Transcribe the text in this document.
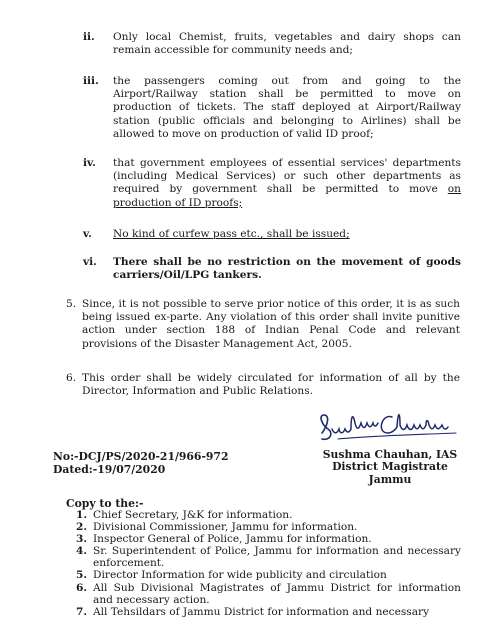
ii. Only local Chemist, fruits, vegetables and dairy shops can remain accessible for community needs and;
iii. the passengers coming out from and going to the Airport/Railway station shall be permitted to move on production of tickets. The staff deployed at Airport/Railway station (public officials and belonging to Airlines) shall be allowed to move on production of valid ID proof;
iv. that government employees of essential services' departments (including Medical Services) or such other departments as required by government shall be permitted to move on production of ID proofs;
v. No kind of curfew pass etc., shall be issued;
vi. There shall be no restriction on the movement of goods carriers/Oil/LPG tankers.
5. Since, it is not possible to serve prior notice of this order, it is as such being issued ex-parte. Any violation of this order shall invite punitive action under section 188 of Indian Penal Code and relevant provisions of the Disaster Management Act, 2005.
6. This order shall be widely circulated for information of all by the Director, Information and Public Relations.
No:-DCJ/PS/2020-21/966-972
Dated:-19/07/2020
Sushma Chauhan, IAS
District Magistrate
Jammu
Copy to the:-
1. Chief Secretary, J&K for information.
2. Divisional Commissioner, Jammu for information.
3. Inspector General of Police, Jammu for information.
4. Sr. Superintendent of Police, Jammu for information and necessary enforcement.
5. Director Information for wide publicity and circulation
6. All Sub Divisional Magistrates of Jammu District for information and necessary action.
7. All Tehsildars of Jammu District for information and necessary
